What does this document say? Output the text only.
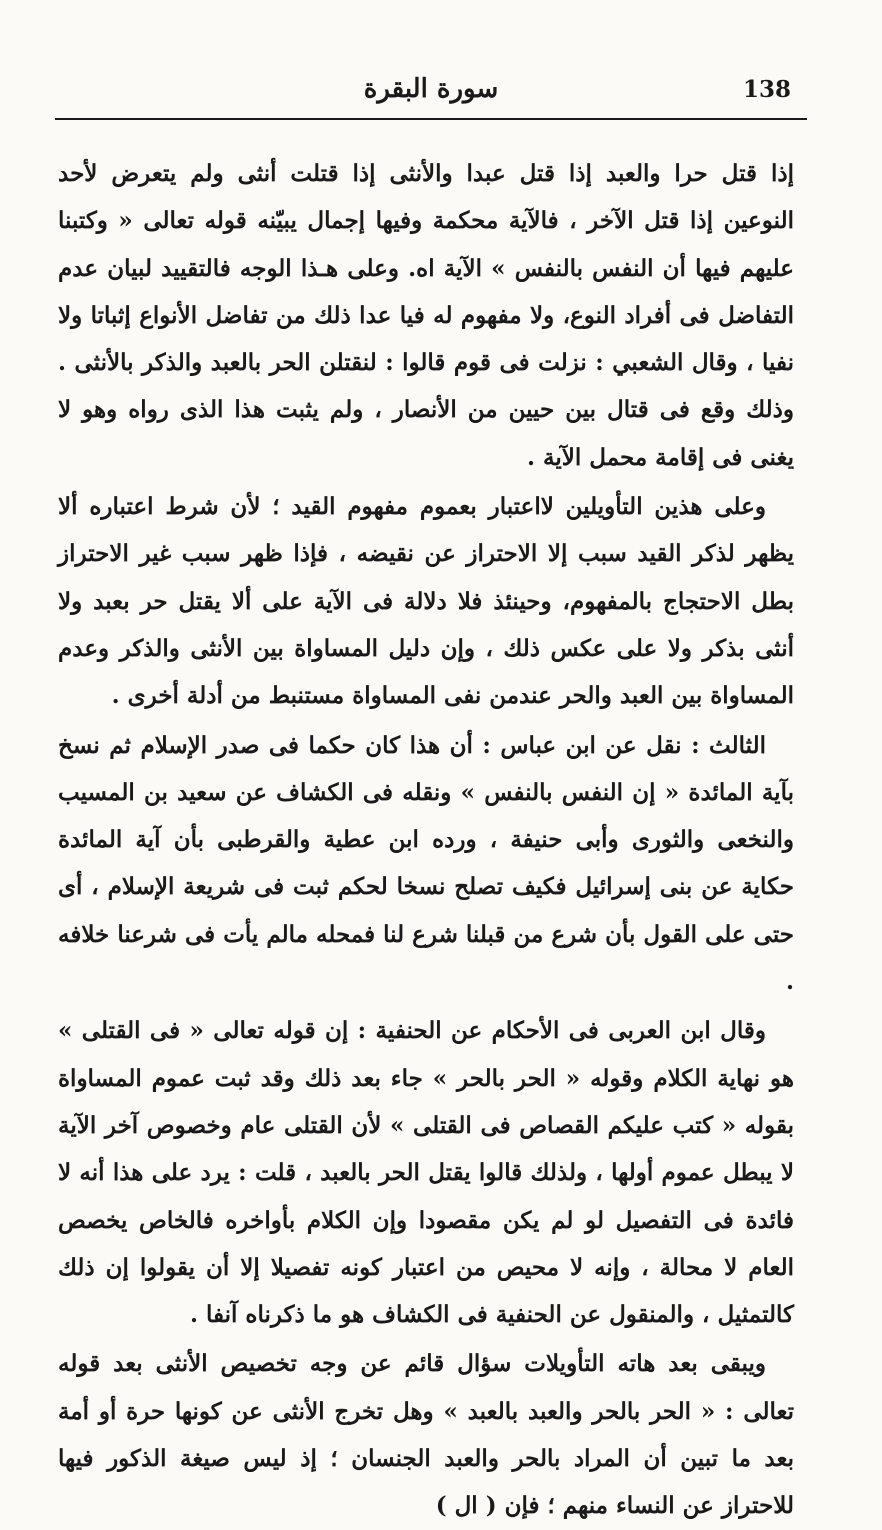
138
سورة البقرة

إذا قتل حرا والعبد إذا قتل عبدا والأنثى إذا قتلت أنثى ولم يتعرض لأحد النوعين إذا قتل الآخر ، فالآية محكمة وفيها إجمال يبيّنه قوله تعالى « وكتبنا عليهم فيها أن النفس بالنفس » الآية اه. وعلى هـذا الوجه فالتقييد لبيان عدم التفاضل فى أفراد النوع، ولا مفهوم له فيا عدا ذلك من تفاضل الأنواع إثباتا ولا نفيا ، وقال الشعبي : نزلت فى قوم قالوا : لنقتلن الحر بالعبد والذكر بالأنثى . وذلك وقع فى قتال بين حيين من الأنصار ، ولم يثبت هذا الذى رواه وهو لا يغنى فى إقامة محمل الآية .

وعلى هذين التأويلين لااعتبار بعموم مفهوم القيد ؛ لأن شرط اعتباره ألا يظهر لذكر القيد سبب إلا الاحتراز عن نقيضه ، فإذا ظهر سبب غير الاحتراز بطل الاحتجاج بالمفهوم، وحينئذ فلا دلالة فى الآية على ألا يقتل حر بعبد ولا أنثى بذكر ولا على عكس ذلك ، وإن دليل المساواة بين الأنثى والذكر وعدم المساواة بين العبد والحر عندمن نفى المساواة مستنبط من أدلة أخرى .

الثالث : نقل عن ابن عباس : أن هذا كان حكما فى صدر الإسلام ثم نسخ بآية المائدة « إن النفس بالنفس » ونقله فى الكشاف عن سعيد بن المسيب والنخعى والثورى وأبى حنيفة ، ورده ابن عطية والقرطبى بأن آية المائدة حكاية عن بنى إسرائيل فكيف تصلح نسخا لحكم ثبت فى شريعة الإسلام ، أى حتى على القول بأن شرع من قبلنا شرع لنا فمحله مالم يأت فى شرعنا خلافه .

وقال ابن العربى فى الأحكام عن الحنفية : إن قوله تعالى « فى القتلى » هو نهاية الكلام وقوله « الحر بالحر » جاء بعد ذلك وقد ثبت عموم المساواة بقوله « كتب عليكم القصاص فى القتلى » لأن القتلى عام وخصوص آخر الآية لا يبطل عموم أولها ، ولذلك قالوا يقتل الحر بالعبد ، قلت : يرد على هذا أنه لا فائدة فى التفصيل لو لم يكن مقصودا وإن الكلام بأواخره فالخاص يخصص العام لا محالة ، وإنه لا محيص من اعتبار كونه تفصيلا إلا أن يقولوا إن ذلك كالتمثيل ، والمنقول عن الحنفية فى الكشاف هو ما ذكرناه آنفا .

ويبقى بعد هاته التأويلات سؤال قائم عن وجه تخصيص الأنثى بعد قوله تعالى : « الحر بالحر والعبد بالعبد » وهل تخرج الأنثى عن كونها حرة أو أمة بعد ما تبين أن المراد بالحر والعبد الجنسان ؛ إذ ليس صيغة الذكور فيها للاحتراز عن النساء منهم ؛ فإن ( ال )
